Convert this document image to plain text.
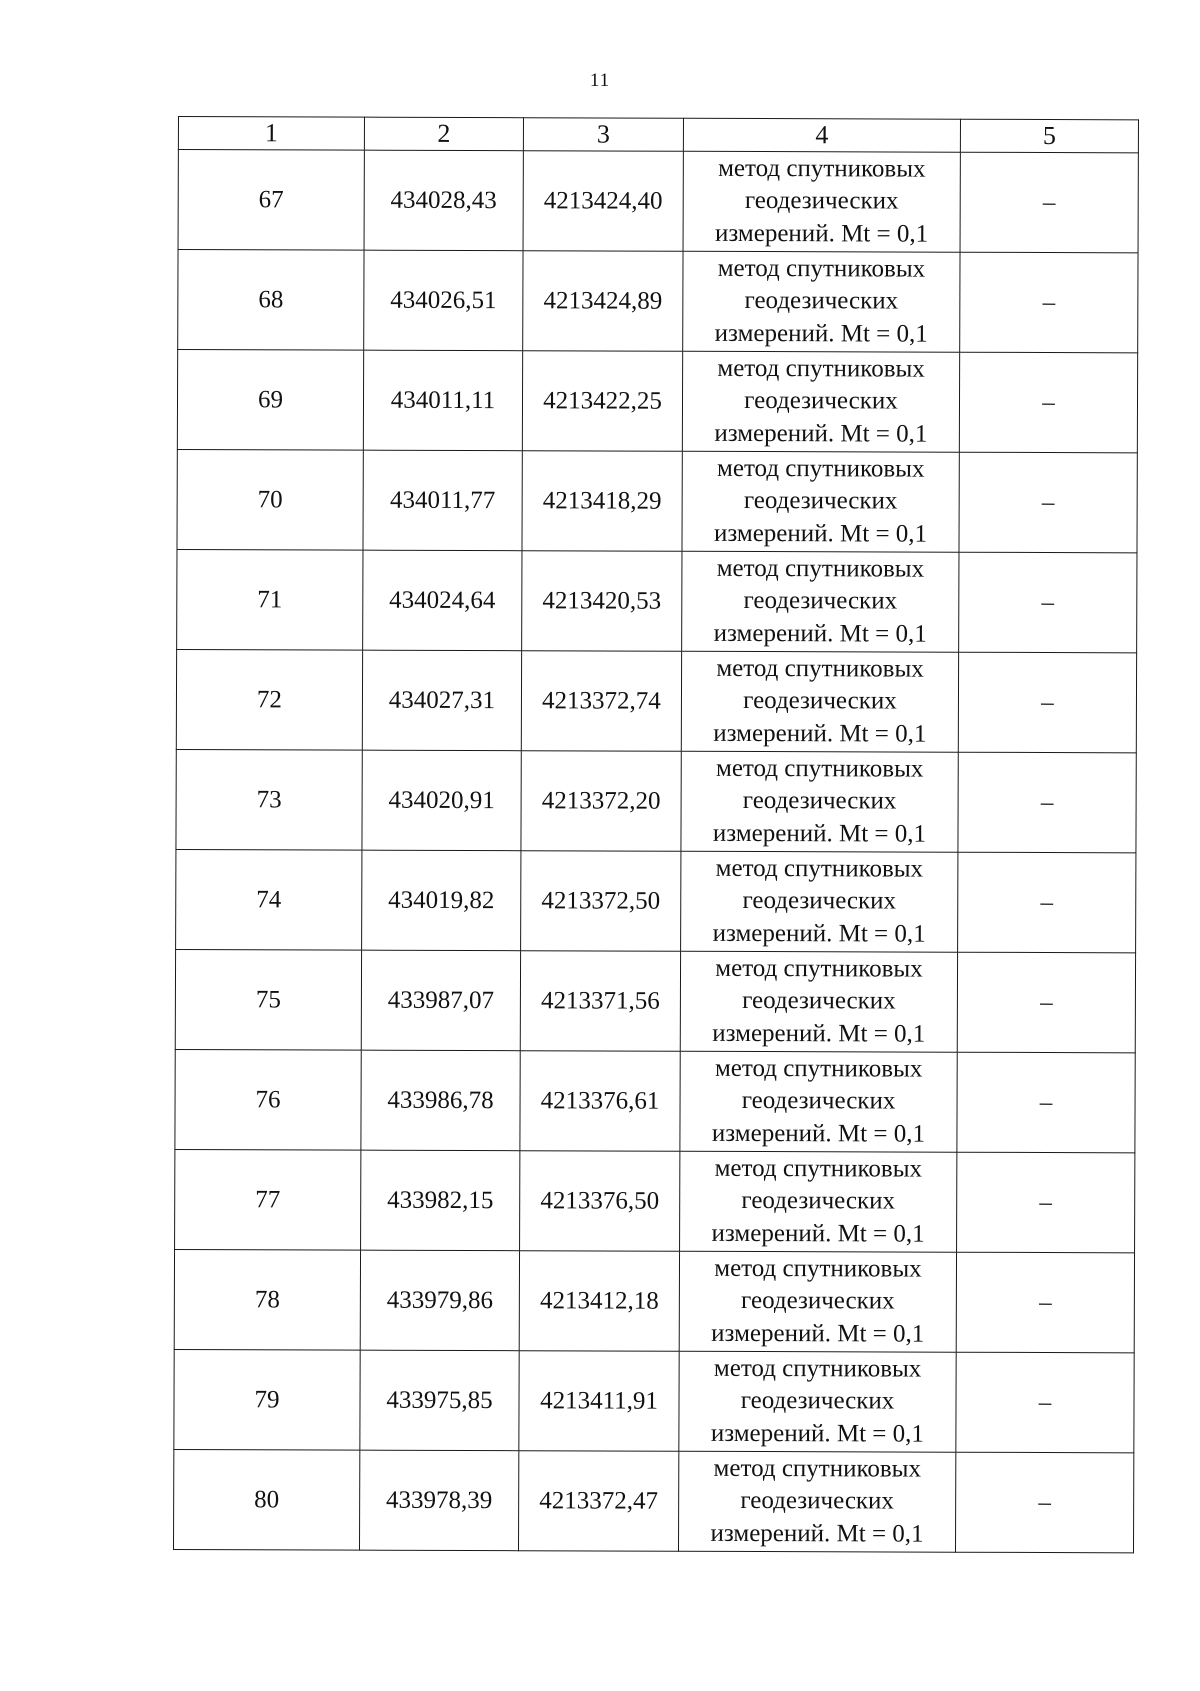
11
1	2	3	4	5
67	434028,43	4213424,40	метод спутниковых
геодезических
измерений. Mt = 0,1	–
68	434026,51	4213424,89	метод спутниковых
геодезических
измерений. Mt = 0,1	–
69	434011,11	4213422,25	метод спутниковых
геодезических
измерений. Mt = 0,1	–
70	434011,77	4213418,29	метод спутниковых
геодезических
измерений. Mt = 0,1	–
71	434024,64	4213420,53	метод спутниковых
геодезических
измерений. Mt = 0,1	–
72	434027,31	4213372,74	метод спутниковых
геодезических
измерений. Mt = 0,1	–
73	434020,91	4213372,20	метод спутниковых
геодезических
измерений. Mt = 0,1	–
74	434019,82	4213372,50	метод спутниковых
геодезических
измерений. Mt = 0,1	–
75	433987,07	4213371,56	метод спутниковых
геодезических
измерений. Mt = 0,1	–
76	433986,78	4213376,61	метод спутниковых
геодезических
измерений. Mt = 0,1	–
77	433982,15	4213376,50	метод спутниковых
геодезических
измерений. Mt = 0,1	–
78	433979,86	4213412,18	метод спутниковых
геодезических
измерений. Mt = 0,1	–
79	433975,85	4213411,91	метод спутниковых
геодезических
измерений. Mt = 0,1	–
80	433978,39	4213372,47	метод спутниковых
геодезических
измерений. Mt = 0,1	–
